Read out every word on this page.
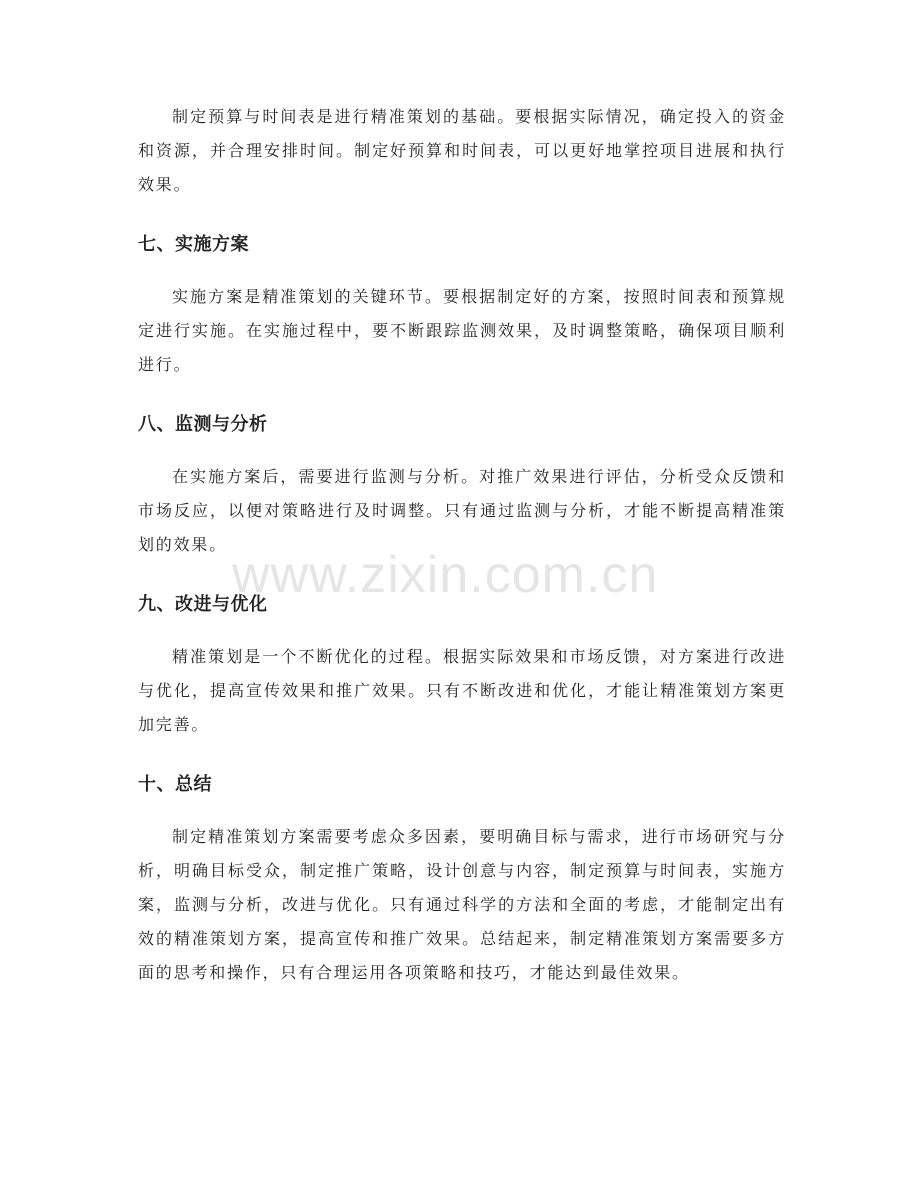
制定预算与时间表是进行精准策划的基础。要根据实际情况，确定投入的资金和资源，并合理安排时间。制定好预算和时间表，可以更好地掌控项目进展和执行效果。

七、实施方案

实施方案是精准策划的关键环节。要根据制定好的方案，按照时间表和预算规定进行实施。在实施过程中，要不断跟踪监测效果，及时调整策略，确保项目顺利进行。

八、监测与分析

在实施方案后，需要进行监测与分析。对推广效果进行评估，分析受众反馈和市场反应，以便对策略进行及时调整。只有通过监测与分析，才能不断提高精准策划的效果。

九、改进与优化

精准策划是一个不断优化的过程。根据实际效果和市场反馈，对方案进行改进与优化，提高宣传效果和推广效果。只有不断改进和优化，才能让精准策划方案更加完善。

十、总结

制定精准策划方案需要考虑众多因素，要明确目标与需求，进行市场研究与分析，明确目标受众，制定推广策略，设计创意与内容，制定预算与时间表，实施方案，监测与分析，改进与优化。只有通过科学的方法和全面的考虑，才能制定出有效的精准策划方案，提高宣传和推广效果。总结起来，制定精准策划方案需要多方面的思考和操作，只有合理运用各项策略和技巧，才能达到最佳效果。

www.zixin.com.cn
